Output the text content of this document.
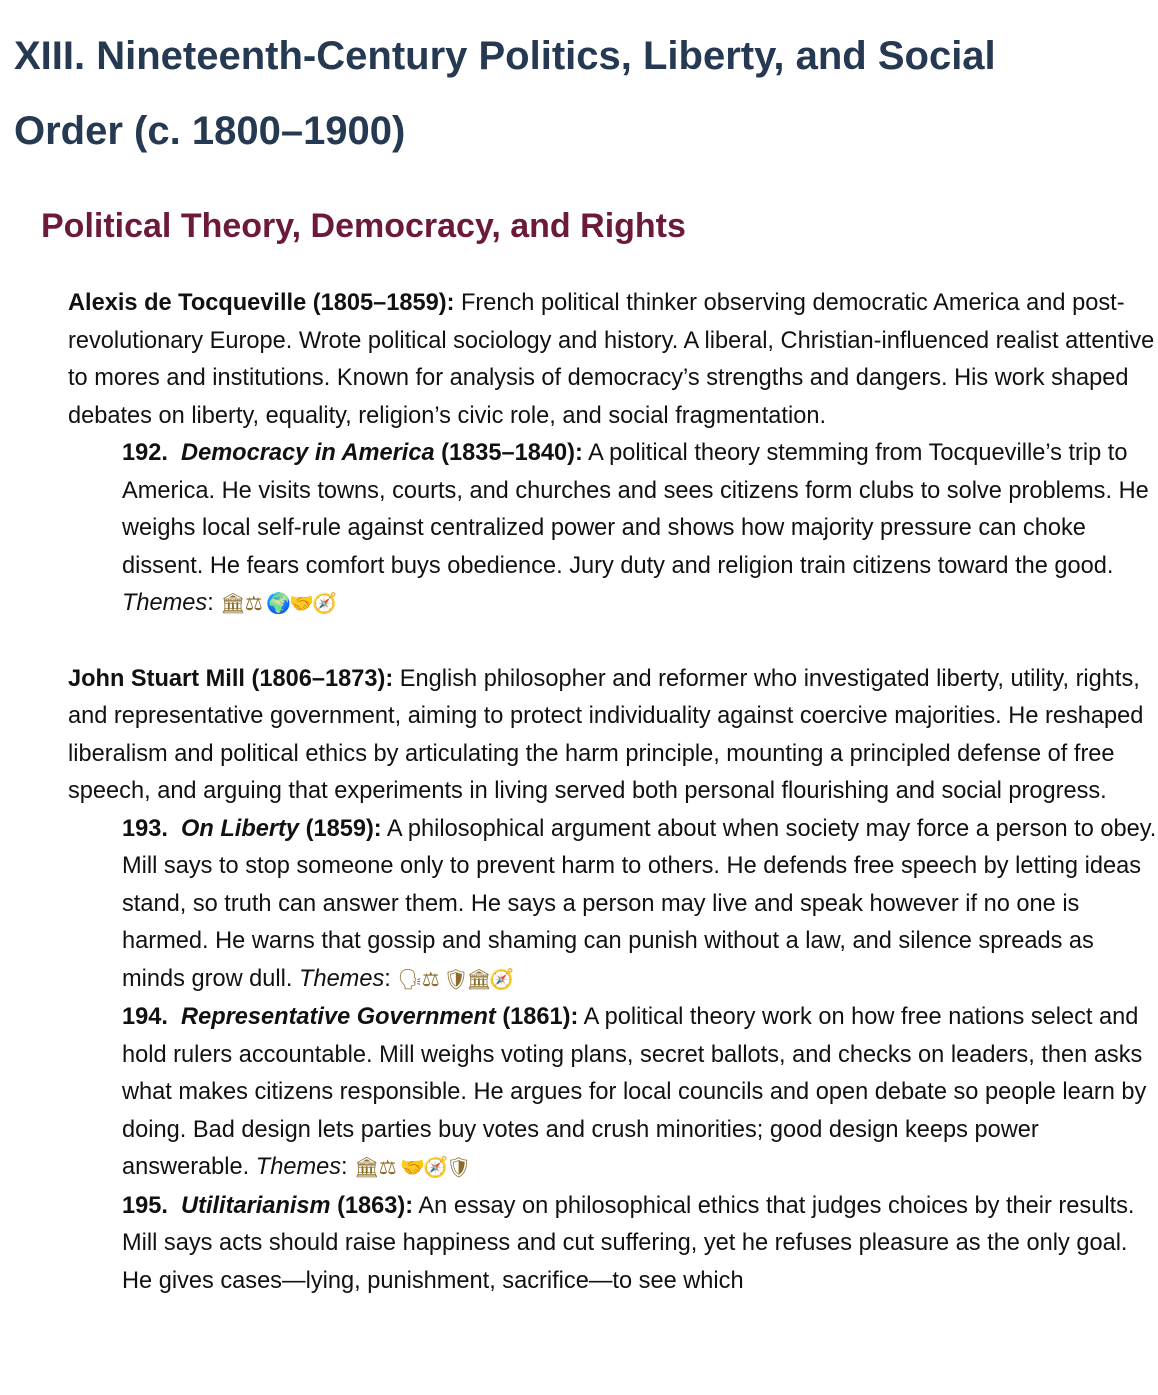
XIII. Nineteenth-Century Politics, Liberty, and Social Order (c. 1800–1900)
Political Theory, Democracy, and Rights
Alexis de Tocqueville (1805–1859): French political thinker observing democratic America and post-revolutionary Europe. Wrote political sociology and history. A liberal, Christian-influenced realist attentive to mores and institutions. Known for analysis of democracy’s strengths and dangers. His work shaped debates on liberty, equality, religion’s civic role, and social fragmentation.
192. Democracy in America (1835–1840): A political theory stemming from Tocqueville’s trip to America. He visits towns, courts, and churches and sees citizens form clubs to solve problems. He weighs local self-rule against centralized power and shows how majority pressure can choke dissent. He fears comfort buys obedience. Jury duty and religion train citizens toward the good. Themes: 🏛⚖🌍🤝🧭
John Stuart Mill (1806–1873): English philosopher and reformer who investigated liberty, utility, rights, and representative government, aiming to protect individuality against coercive majorities. He reshaped liberalism and political ethics by articulating the harm principle, mounting a principled defense of free speech, and arguing that experiments in living served both personal flourishing and social progress.
193. On Liberty (1859): A philosophical argument about when society may force a person to obey. Mill says to stop someone only to prevent harm to others. He defends free speech by letting ideas stand, so truth can answer them. He says a person may live and speak however if no one is harmed. He warns that gossip and shaming can punish without a law, and silence spreads as minds grow dull. Themes: 🗣⚖🛡🏛🧭
194. Representative Government (1861): A political theory work on how free nations select and hold rulers accountable. Mill weighs voting plans, secret ballots, and checks on leaders, then asks what makes citizens responsible. He argues for local councils and open debate so people learn by doing. Bad design lets parties buy votes and crush minorities; good design keeps power answerable. Themes: 🏛⚖🤝🧭🛡
195. Utilitarianism (1863): An essay on philosophical ethics that judges choices by their results. Mill says acts should raise happiness and cut suffering, yet he refuses pleasure as the only goal. He gives cases—lying, punishment, sacrifice—to see which
